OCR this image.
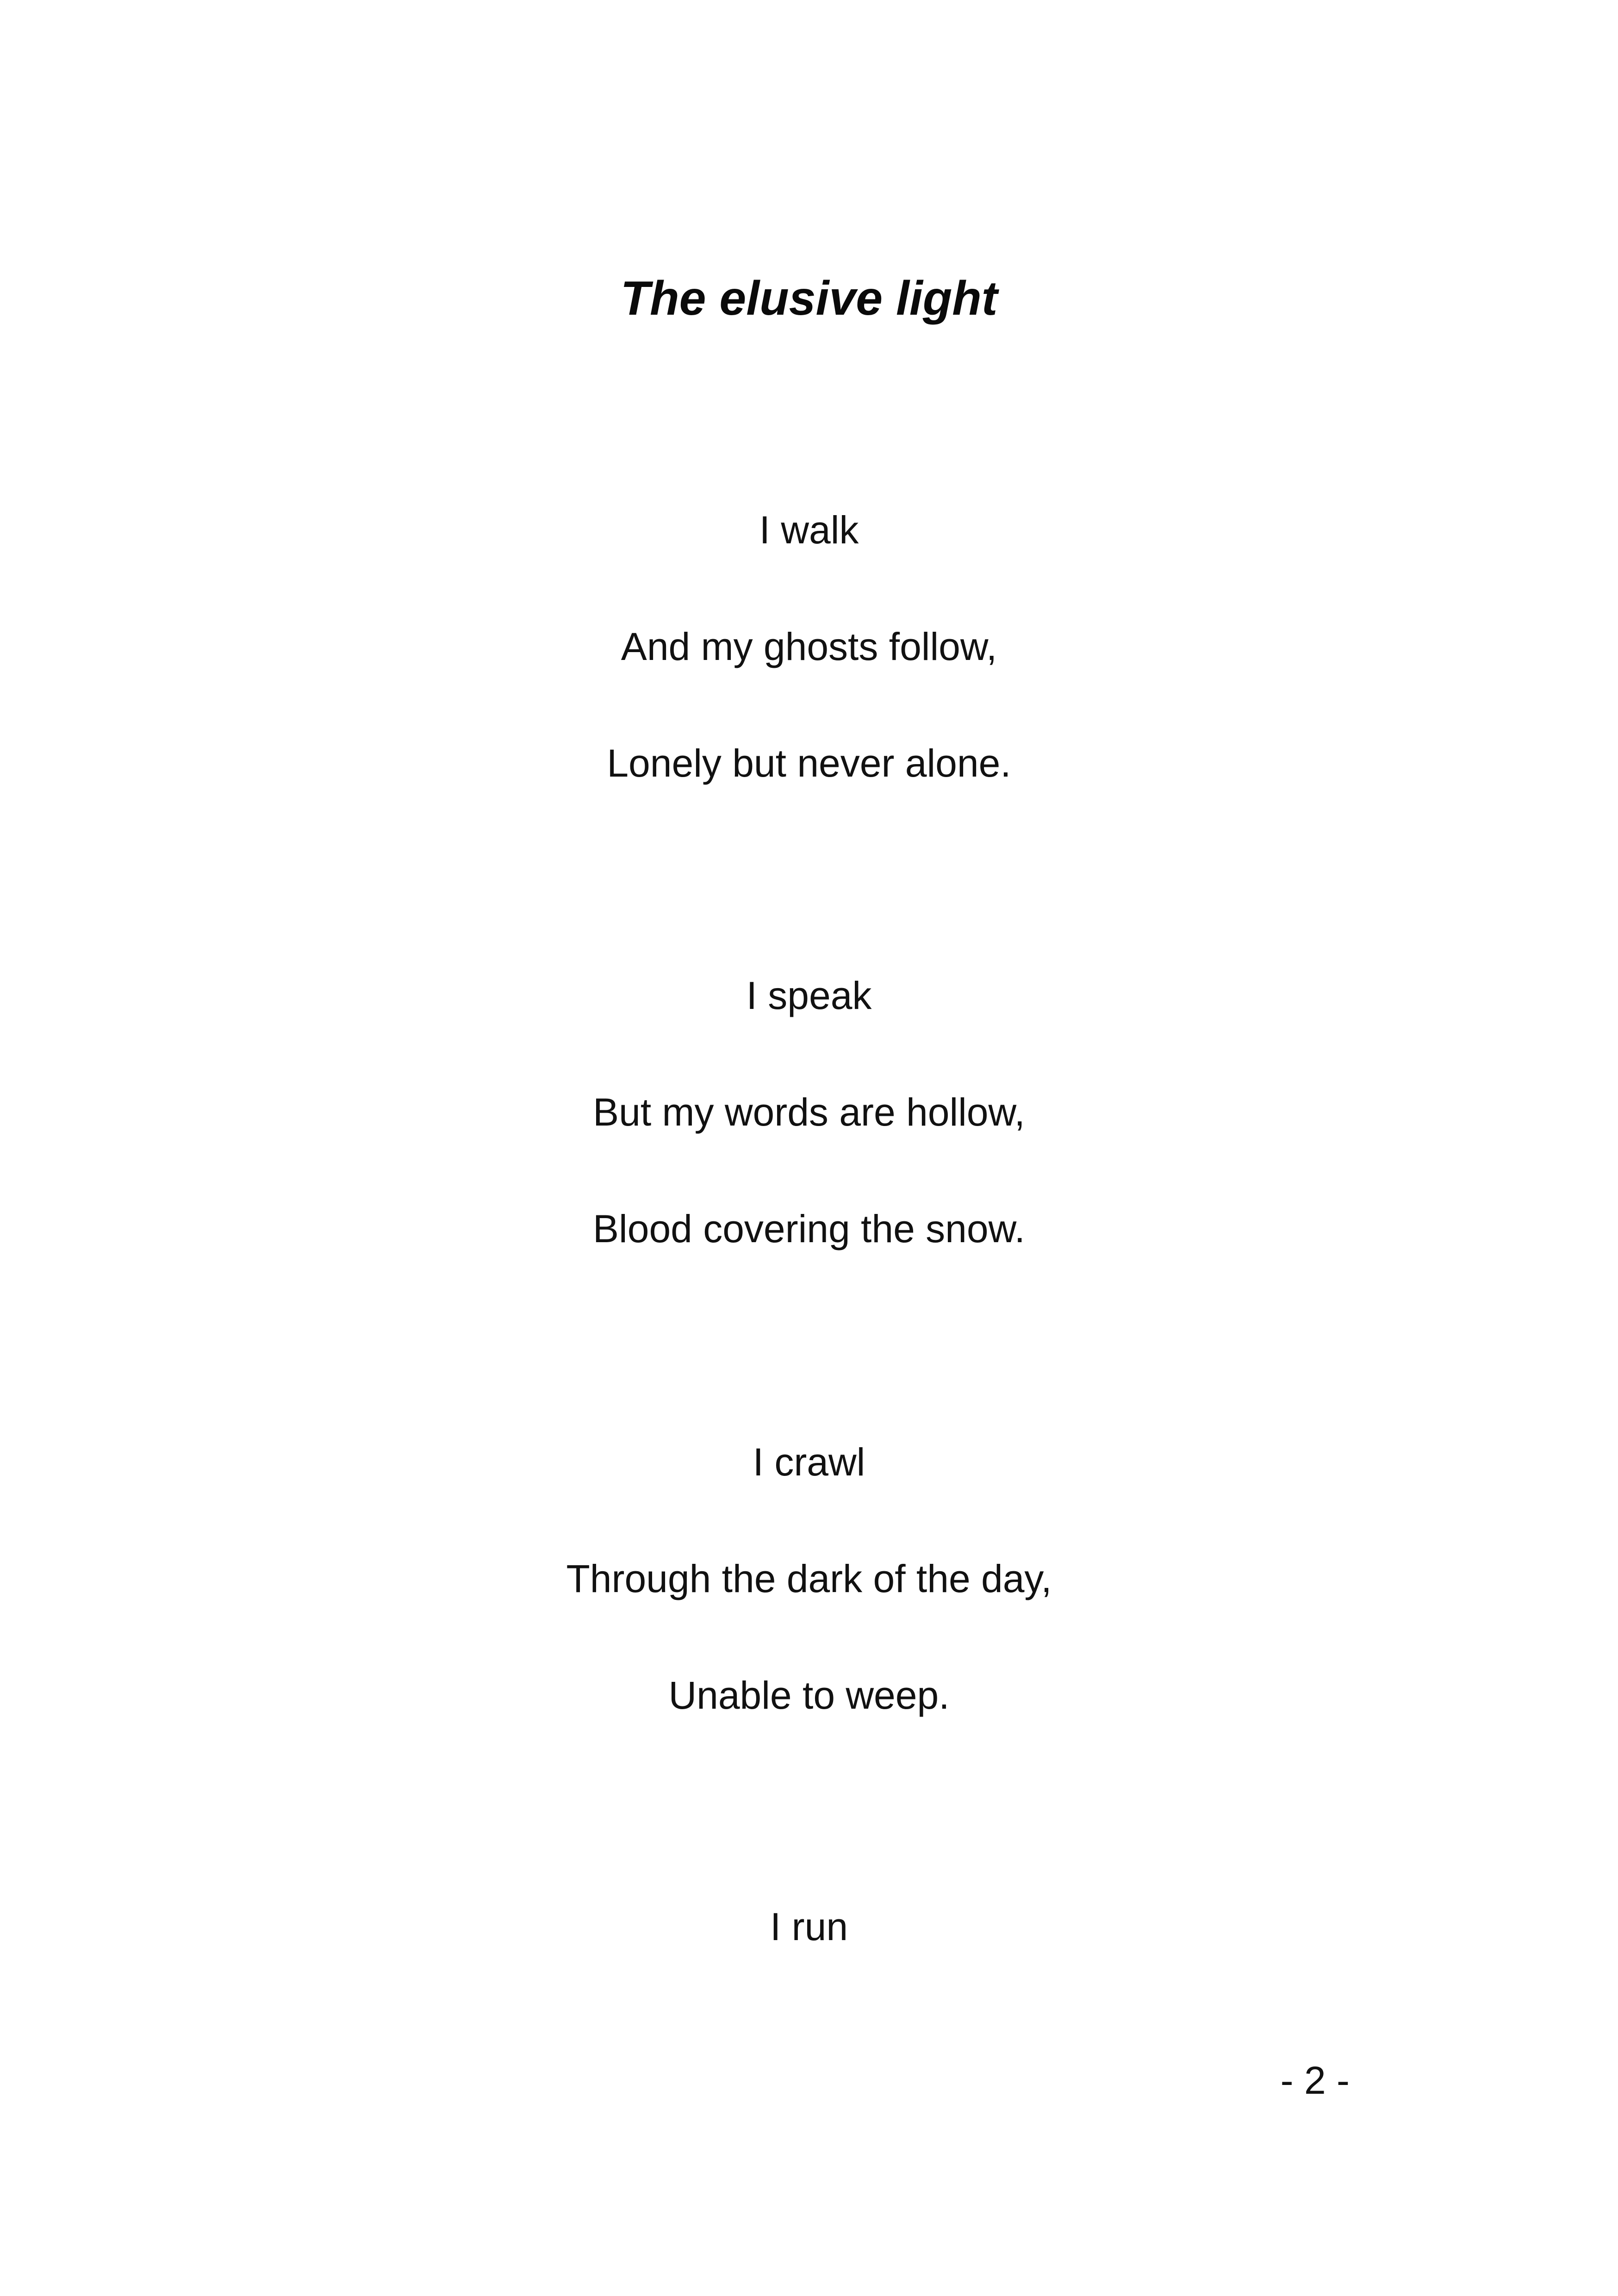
The elusive light
I walk
And my ghosts follow,
Lonely but never alone.
I speak
But my words are hollow,
Blood covering the snow.
I crawl
Through the dark of the day,
Unable to weep.
I run
- 2 -
